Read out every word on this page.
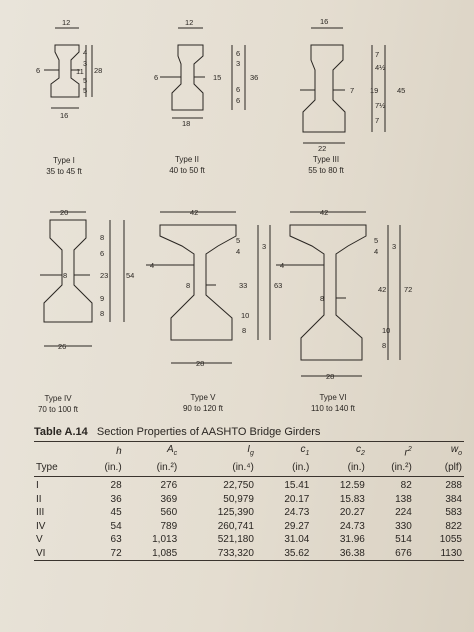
12
16
4
3
11
5
5
6	28
12
18
6
3
15
6
6
6	36
16
22
7
4½
19
7½
7
7	45
20
26
8
6
23
9
8
8	54
42
28
5
4
3
33
10
8
4
8	63
42
28
5
4
3
42
10
8
4
8
72
Type I
35 to 45 ft
Type II
40 to 50 ft
Type III
55 to 80 ft
Type IV
70 to 100 ft
Type V
90 to 120 ft
Type VI
110 to 140 ft
Table A.14 Section Properties of AASHTO Bridge Girders
	h	$A_c$	$I_g$	$c_1$	$c_2$	$r^2$	$w_o$
Type	(in.)	(in.²)	(in.⁴)	(in.)	(in.)	(in.²)	(plf)
I	28	276	22,750	15.41	12.59	82	288
II	36	369	50,979	20.17	15.83	138	384
III	45	560	125,390	24.73	20.27	224	583
IV	54	789	260,741	29.27	24.73	330	822
V	63	1,013	521,180	31.04	31.96	514	1055
VI	72	1,085	733,320	35.62	36.38	676	1130
